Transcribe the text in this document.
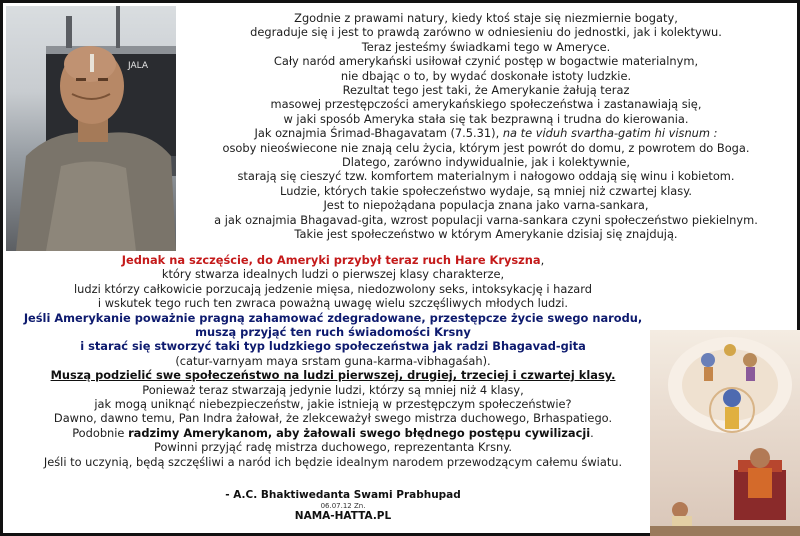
JALA

Zgodnie z prawami natury, kiedy ktoś staje się niezmiernie bogaty,

degraduje się i jest to prawdą zarówno w odniesieniu do jednostki, jak i kolektywu.

Teraz jesteśmy świadkami tego w Ameryce.

Cały naród amerykański usiłował czynić postęp w bogactwie materialnym,

nie dbając o to, by wydać doskonałe istoty ludzkie.

Rezultat tego jest taki, że Amerykanie żałują teraz

masowej przestępczości amerykańskiego społeczeństwa i zastanawiają się,

w jaki sposób Ameryka stała się tak bezprawną i trudna do kierowania.

Jak oznajmia Śrimad-Bhagavatam (7.5.31), na te viduh svartha-gatim hi visnum :

osoby nieoświecone nie znają celu życia, którym jest powrót do domu, z powrotem do Boga.

Dlatego, zarówno indywidualnie, jak i kolektywnie,

starają się cieszyć tzw. komfortem materialnym i nałogowo oddają się winu i kobietom.

Ludzie, których takie społeczeństwo wydaje, są mniej niż czwartej klasy.

Jest to niepożądana populacja znana jako varna-sankara,

a jak oznajmia Bhagavad-gita, wzrost populacji varna-sankara czyni społeczeństwo piekielnym.

Takie jest społeczeństwo w którym Amerykanie dzisiaj się znajdują.

Jednak na szczęście, do Ameryki przybył teraz ruch Hare Kryszna,

który stwarza idealnych ludzi o pierwszej klasy charakterze,

ludzi którzy całkowicie porzucają jedzenie mięsa, niedozwolony seks, intoksykację i hazard

i wskutek tego ruch ten zwraca poważną uwagę wielu szczęśliwych młodych ludzi.

Jeśli Amerykanie poważnie pragną zahamować zdegradowane, przestępcze życie swego narodu,

muszą przyjąć ten ruch świadomości Krsny

i starać się stworzyć taki typ ludzkiego społeczeństwa jak radzi Bhagavad-gita

(catur-varnyam maya srstam guna-karma-vibhagaśah).

Muszą podzielić swe społeczeństwo na ludzi pierwszej, drugiej, trzeciej i czwartej klasy.

Ponieważ teraz stwarzają jedynie ludzi, którzy są mniej niż 4 klasy,

jak mogą uniknąć niebezpieczeństw, jakie istnieją w przestępczym społeczeństwie?

Dawno, dawno temu, Pan Indra żałował, że zlekceważył swego mistrza duchowego, Brhaspatiego.

Podobnie radzimy Amerykanom, aby żałowali swego błędnego postępu cywilizacji.

Powinni przyjąć radę mistrza duchowego, reprezentanta Krsny.

Jeśli to uczynią, będą szczęśliwi a naród ich będzie idealnym narodem przewodzącym całemu światu.

- A.C. Bhaktiwedanta Swami Prabhupad
06.07.12 Zn.
NAMA-HATTA.PL
